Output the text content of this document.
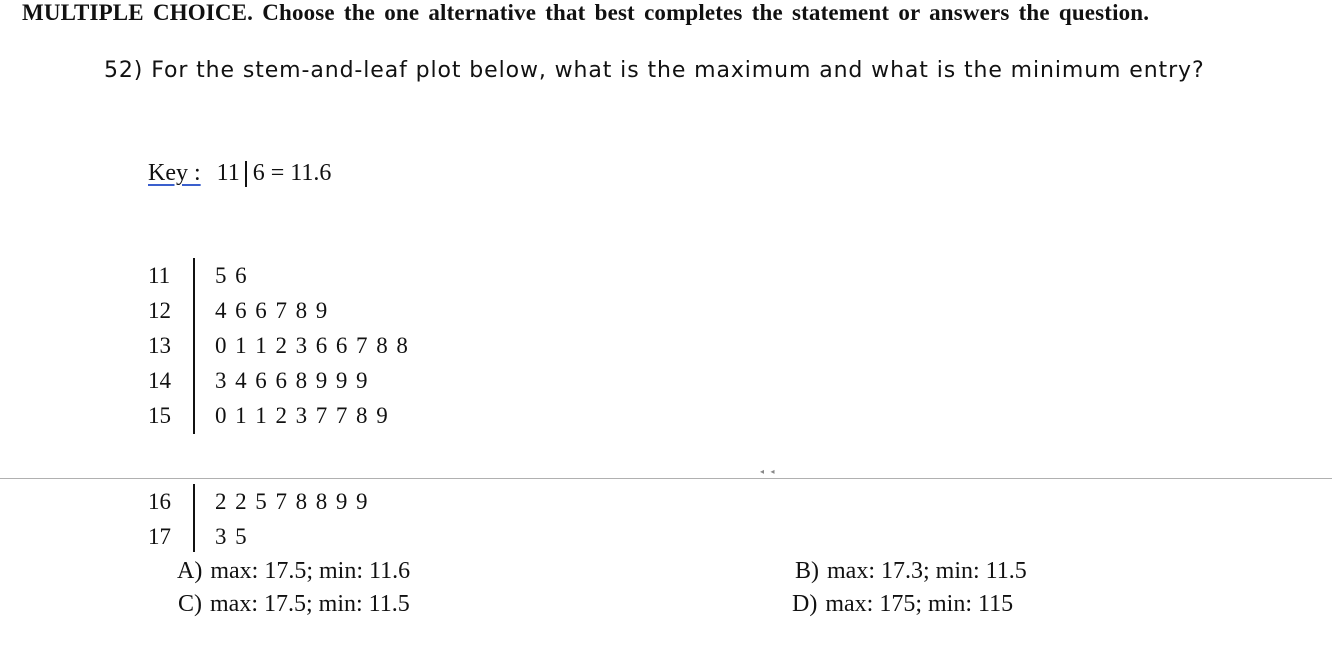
MULTIPLE CHOICE. Choose the one alternative that best completes the statement or answers the question.
52) For the stem-and-leaf plot below, what is the maximum and what is the minimum entry?
Key : 11 6 = 11.6
11	5 6
12	4 6 6 7 8 9
13	0 1 1 2 3 6 6 7 8 8
14	3 4 6 6 8 9 9 9
15	0 1 1 2 3 7 7 8 9
◂ ◂
16	2 2 5 7 8 8 9 9
17	3 5
A) max: 17.5; min: 11.6
C) max: 17.5; min: 11.5
B) max: 17.3; min: 11.5
D) max: 175; min: 115
